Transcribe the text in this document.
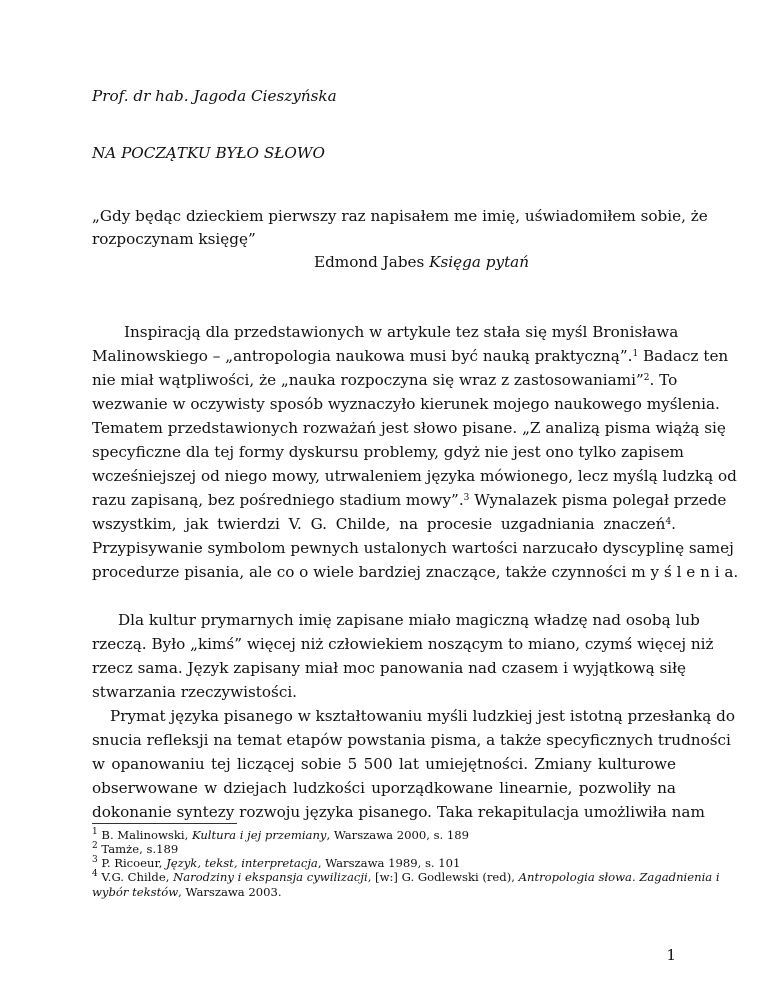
Prof. dr hab. Jagoda Cieszyńska
NA POCZĄTKU BYŁO SŁOWO
„Gdy będąc dzieckiem pierwszy raz napisałem me imię, uświadomiłem sobie, że
rozpoczynam księgę”
Edmond Jabes Księga pytań
Inspiracją dla przedstawionych w artykule tez stała się myśl Bronisława
Malinowskiego – „antropologia naukowa musi być nauką praktyczną”.$^1$ Badacz ten
nie miał wątpliwości, że „nauka rozpoczyna się wraz z zastosowaniami”$^2$. To
wezwanie w oczywisty sposób wyznaczyło kierunek mojego naukowego myślenia.
Tematem przedstawionych rozważań jest słowo pisane. „Z analizą pisma wiążą się
specyficzne dla tej formy dyskursu problemy, gdyż nie jest ono tylko zapisem
wcześniejszej od niego mowy, utrwaleniem języka mówionego, lecz myślą ludzką od
razu zapisaną, bez pośredniego stadium mowy”.$^3$ Wynalazek pisma polegał przede
wszystkim, jak twierdzi V. G. Childe, na procesie uzgadniania znaczeń$^4$.
Przypisywanie symbolom pewnych ustalonych wartości narzucało dyscyplinę samej
procedurze pisania, ale co o wiele bardziej znaczące, także czynności m y ś l e n i a.
Dla kultur prymarnych imię zapisane miało magiczną władzę nad osobą lub
rzeczą. Było „kimś” więcej niż człowiekiem noszącym to miano, czymś więcej niż
rzecz sama. Język zapisany miał moc panowania nad czasem i wyjątkową siłę
stwarzania rzeczywistości.
Prymat języka pisanego w kształtowaniu myśli ludzkiej jest istotną przesłanką do
snucia refleksji na temat etapów powstania pisma, a także specyficznych trudności
w opanowaniu tej liczącej sobie 5 500 lat umiejętności. Zmiany kulturowe
obserwowane w dziejach ludzkości uporządkowane linearnie, pozwoliły na
dokonanie syntezy rozwoju języka pisanego. Taka rekapitulacja umożliwiła nam
$^1$ B. Malinowski, Kultura i jej przemiany, Warszawa 2000, s. 189
$^2$ Tamże, s.189
$^3$ P. Ricoeur, Język, tekst, interpretacja, Warszawa 1989, s. 101
$^4$ V.G. Childe, Narodziny i ekspansja cywilizacji, [w:] G. Godlewski (red), Antropologia słowa. Zagadnienia i
wybór tekstów, Warszawa 2003.
1
